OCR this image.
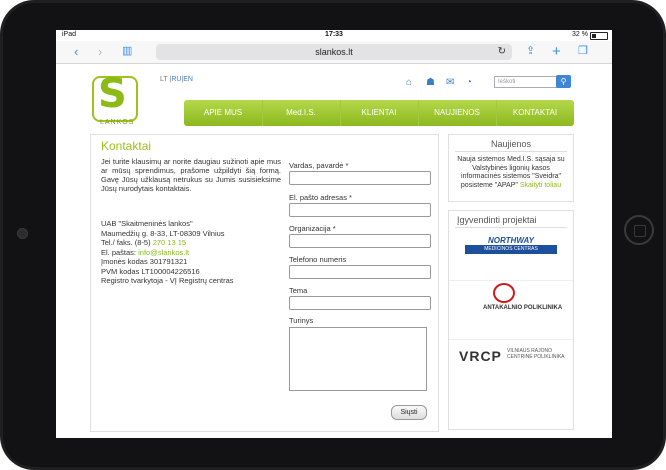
iPad	17:33	32 %
‹ › ▥	slankos.lt	↻ ⇪ + ❐
S
LANKOS
LT |RU|EN	⌂ ☗ ✉ ◔	Ieškoti	⚲
APIE MUS	Med.I.S.	KLIENTAI	NAUJIENOS	KONTAKTAI
Kontaktai
Jei turite klausimų ar norite daugiau sužinoti apie mus ar mūsų sprendimus, prašome užpildyti šią formą. Gavę Jūsų užklausą netrukus su Jumis susisieksime Jūsų nurodytais kontaktais.
UAB "Skaitmeninės lankos"
Maumedžių g. 8-33, LT-08309 Vilnius
Tel./ faks. (8-5) 270 13 15
El. paštas: info@slankos.lt
Įmonės kodas 301791321
PVM kodas LT100004226516
Registro tvarkytoja - VĮ Registrų centras
Vardas, pavardė *
El. pašto adresas *
Organizacija *
Telefono numeris
Tema
Turinys
Siųsti
Naujienos
Nauja sistemos Med.I.S. sąsaja su Valstybinės ligonių kasos informacinės sistemos "Sveidra" posisteme "APAP" Skaityti toliau
Įgyvendinti projektai
NORTHWAY
MEDICINOS CENTRAS
ANTAKALNIO POLIKLINIKA
VRCP VILNIAUS RAJONO CENTRINĖ POLIKLINIKA
